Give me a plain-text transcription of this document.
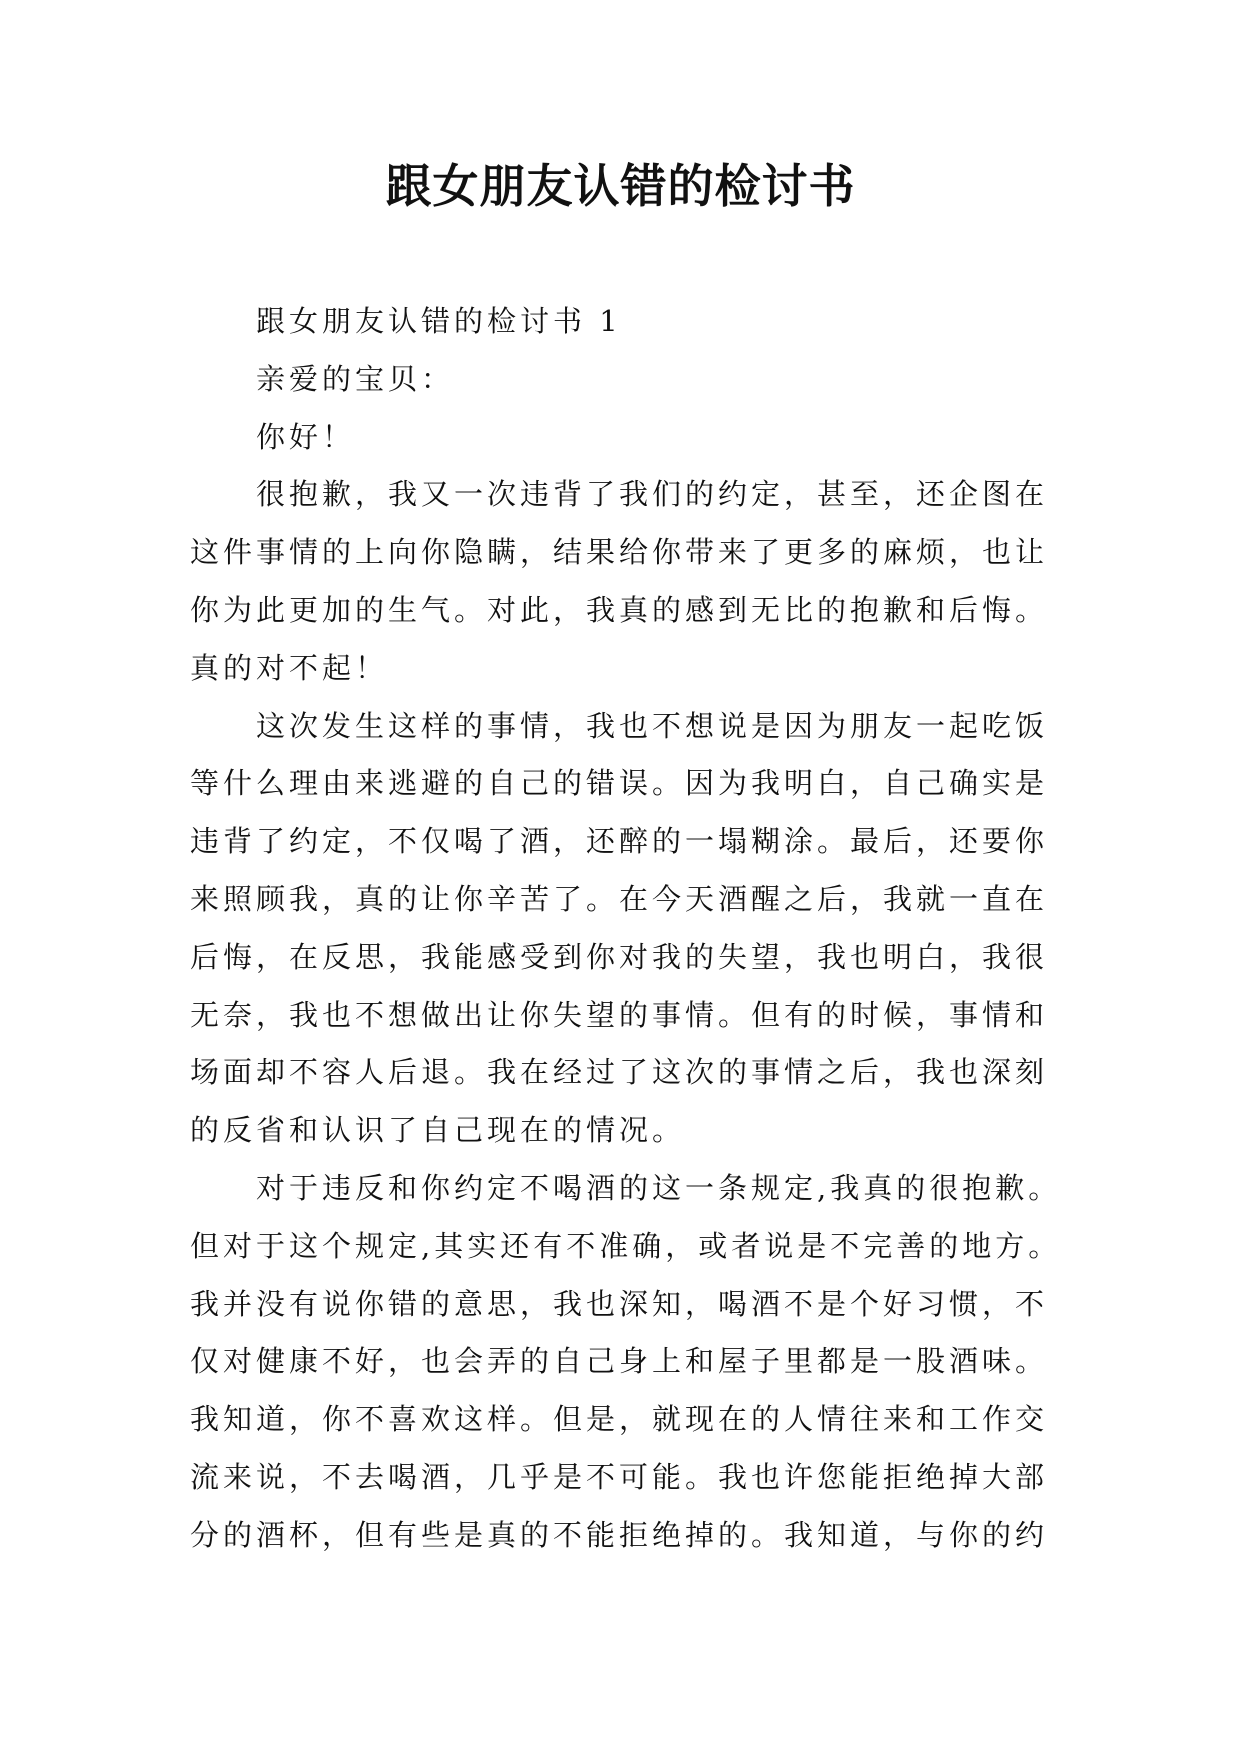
跟女朋友认错的检讨书
跟女朋友认错的检讨书 1
亲爱的宝贝：
你好！
很抱歉，我又一次违背了我们的约定，甚至，还企图在
这件事情的上向你隐瞒，结果给你带来了更多的麻烦，也让
你为此更加的生气。对此，我真的感到无比的抱歉和后悔。
真的对不起！
这次发生这样的事情，我也不想说是因为朋友一起吃饭
等什么理由来逃避的自己的错误。因为我明白，自己确实是
违背了约定，不仅喝了酒，还醉的一塌糊涂。最后，还要你
来照顾我，真的让你辛苦了。在今天酒醒之后，我就一直在
后悔，在反思，我能感受到你对我的失望，我也明白，我很
无奈，我也不想做出让你失望的事情。但有的时候，事情和
场面却不容人后退。我在经过了这次的事情之后，我也深刻
的反省和认识了自己现在的情况。
对于违反和你约定不喝酒的这一条规定,我真的很抱歉。
但对于这个规定,其实还有不准确，或者说是不完善的地方。
我并没有说你错的意思，我也深知，喝酒不是个好习惯，不
仅对健康不好，也会弄的自己身上和屋子里都是一股酒味。
我知道，你不喜欢这样。但是，就现在的人情往来和工作交
流来说，不去喝酒，几乎是不可能。我也许您能拒绝掉大部
分的酒杯，但有些是真的不能拒绝掉的。我知道，与你的约
